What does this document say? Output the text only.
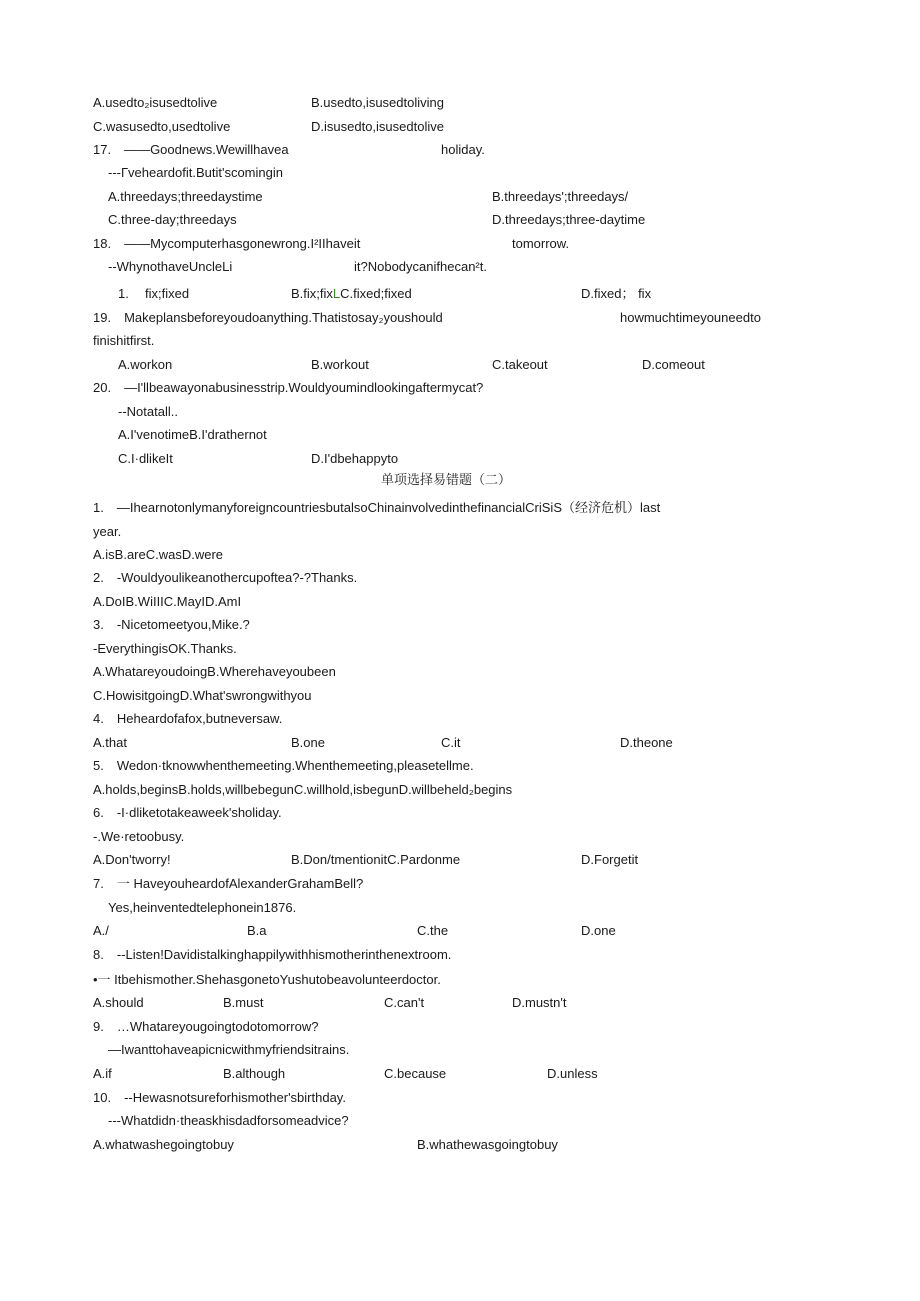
A.usedto₂isusedtolive	B.usedto,isusedtoliving
C.wasusedto,usedtolive	D.isusedto,isusedtolive
17.　——Goodnews.Wewillhavea	holiday.
---Гveheardofit.Butit'scomingin
A.threedays;threedaystime	B.threedays';threedays/
C.three-day;threedays	D.threedays;three-daytime
18.　——Mycomputerhasgonewrong.I²IIhaveit	tomorrow.
--WhynothaveUncleLi	it?Nobodycanifhecan²t.
1. fix;fixed	B.fix;fixLC.fixed;fixed	D.fixed； fix
19.　Makeplansbeforeyoudoanything.Thatistosay₂youshould	howmuchtimeyouneedto
finishitfirst.
A.workon	B.workout	C.takeout	D.comeout
20.　—I'llbeawayonabusinesstrip.Wouldyoumindlookingaftermycat?
--Notatall..
A.I'venotimeB.I'drathernot
C.I·dlikeIt	D.I'dbehappyto
单项选择易错题（二）
1.　—IhearnotonlymanyforeigncountriesbutalsoChinainvolvedinthefinancialCriSiS（经济危机）last
year.
A.isB.areC.wasD.were
2.　-Wouldyoulikeanothercupoftea?-?Thanks.
A.DoIB.WiIIIC.MayID.AmI
3.　-Nicetomeetyou,Mike.?
-EverythingisOK.Thanks.
A.WhatareyoudoingB.Wherehaveyoubeen
C.HowisitgoingD.What'swrongwithyou
4.　Heheardofafox,butneversaw.
A.that	B.one	C.it	D.theone
5.　Wedon·tknowwhenthemeeting.Whenthemeeting,pleasetellme.
A.holds,beginsB.holds,willbebegunC.willhold,isbegunD.willbeheld₂begins
6.　-I·dliketotakeaweek'sholiday.
-.We·retoobusy.
A.Don'tworry!	B.Don/tmentionitC.Pardonme	D.Forgetit
7.　一 HaveyouheardofAlexanderGrahamBell?
Yes,heinventedtelephonein1876.
A./	B.a	C.the	D.one
8.　--Listen!Davidistalkinghappilywithhismotherinthenextroom.
•一 Itbehismother.ShehasgonetoYushutobeavolunteerdoctor.
A.should	B.must	C.can't	D.mustn't
9.　…Whatareyougoingtodotomorrow?
—Iwanttohaveapicnicwithmyfriendsitrains.
A.if	B.although	C.because	D.unless
10.　--Hewasnotsureforhismother'sbirthday.
---Whatdidn·theaskhisdadforsomeadvice?
A.whatwashegoingtobuy	B.whathewasgoingtobuy
